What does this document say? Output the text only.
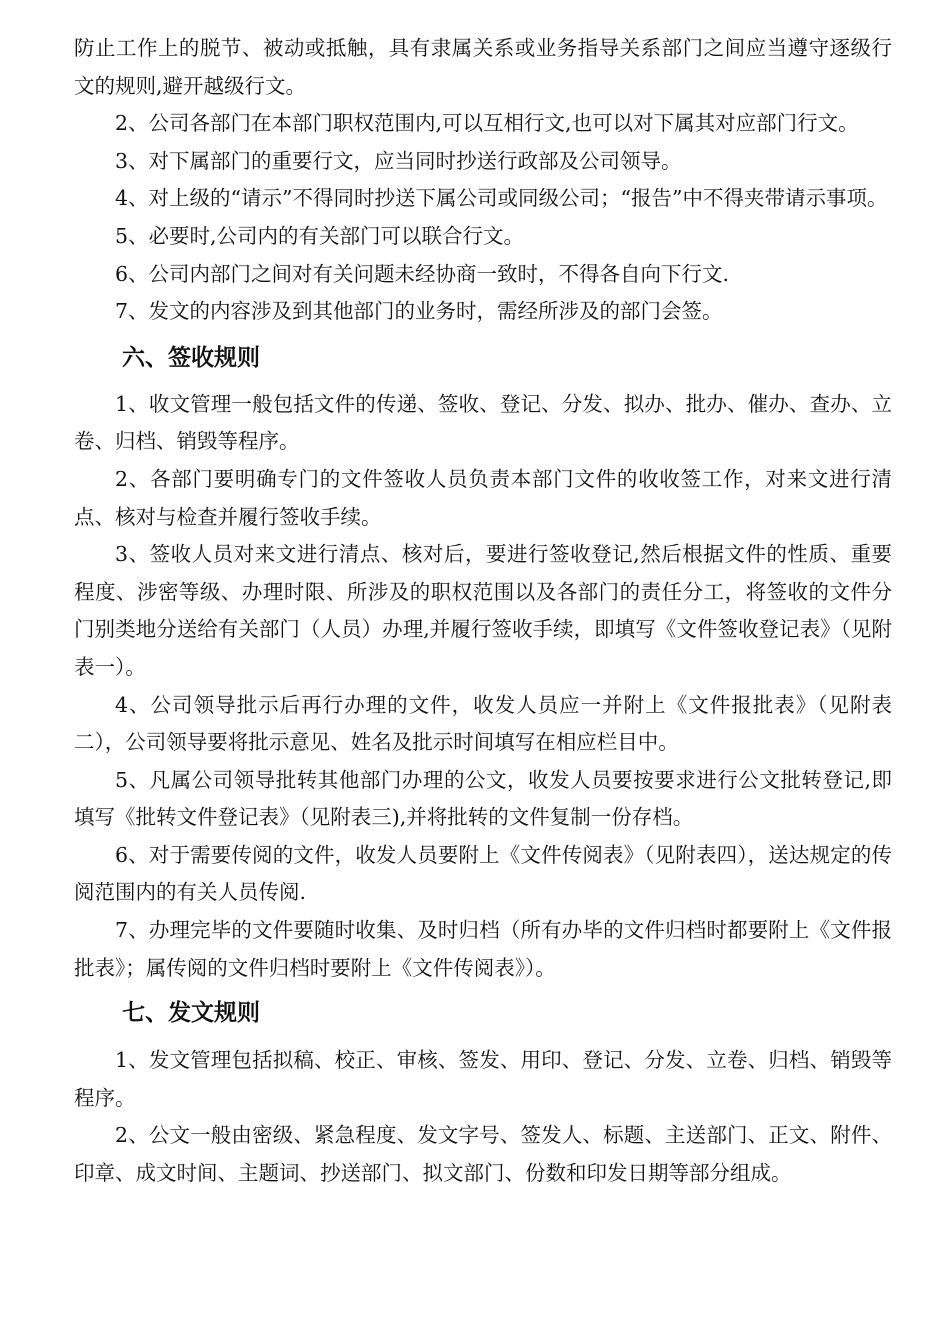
防止工作上的脱节、被动或抵触，具有隶属关系或业务指导关系部门之间应当遵守逐级行文的规则,避开越级行文。

2、公司各部门在本部门职权范围内,可以互相行文,也可以对下属其对应部门行文。

3、对下属部门的重要行文，应当同时抄送行政部及公司领导。

4、对上级的“请示”不得同时抄送下属公司或同级公司；“报告”中不得夹带请示事项。

5、必要时,公司内的有关部门可以联合行文。

6、公司内部门之间对有关问题未经协商一致时，不得各自向下行文.

7、发文的内容涉及到其他部门的业务时，需经所涉及的部门会签。

六、签收规则

1、收文管理一般包括文件的传递、签收、登记、分发、拟办、批办、催办、查办、立卷、归档、销毁等程序。

2、各部门要明确专门的文件签收人员负责本部门文件的收收签工作，对来文进行清点、核对与检查并履行签收手续。

3、签收人员对来文进行清点、核对后，要进行签收登记,然后根据文件的性质、重要程度、涉密等级、办理时限、所涉及的职权范围以及各部门的责任分工，将签收的文件分门别类地分送给有关部门（人员）办理,并履行签收手续，即填写《文件签收登记表》（见附表一）。

4、公司领导批示后再行办理的文件，收发人员应一并附上《文件报批表》（见附表二），公司领导要将批示意见、姓名及批示时间填写在相应栏目中。

5、凡属公司领导批转其他部门办理的公文，收发人员要按要求进行公文批转登记,即填写《批转文件登记表》（见附表三),并将批转的文件复制一份存档。

6、对于需要传阅的文件，收发人员要附上《文件传阅表》（见附表四），送达规定的传阅范围内的有关人员传阅.

7、办理完毕的文件要随时收集、及时归档（所有办毕的文件归档时都要附上《文件报批表》；属传阅的文件归档时要附上《文件传阅表》）。

七、发文规则

1、发文管理包括拟稿、校正、审核、签发、用印、登记、分发、立卷、归档、销毁等程序。

2、公文一般由密级、紧急程度、发文字号、签发人、标题、主送部门、正文、附件、印章、成文时间、主题词、抄送部门、拟文部门、份数和印发日期等部分组成。
